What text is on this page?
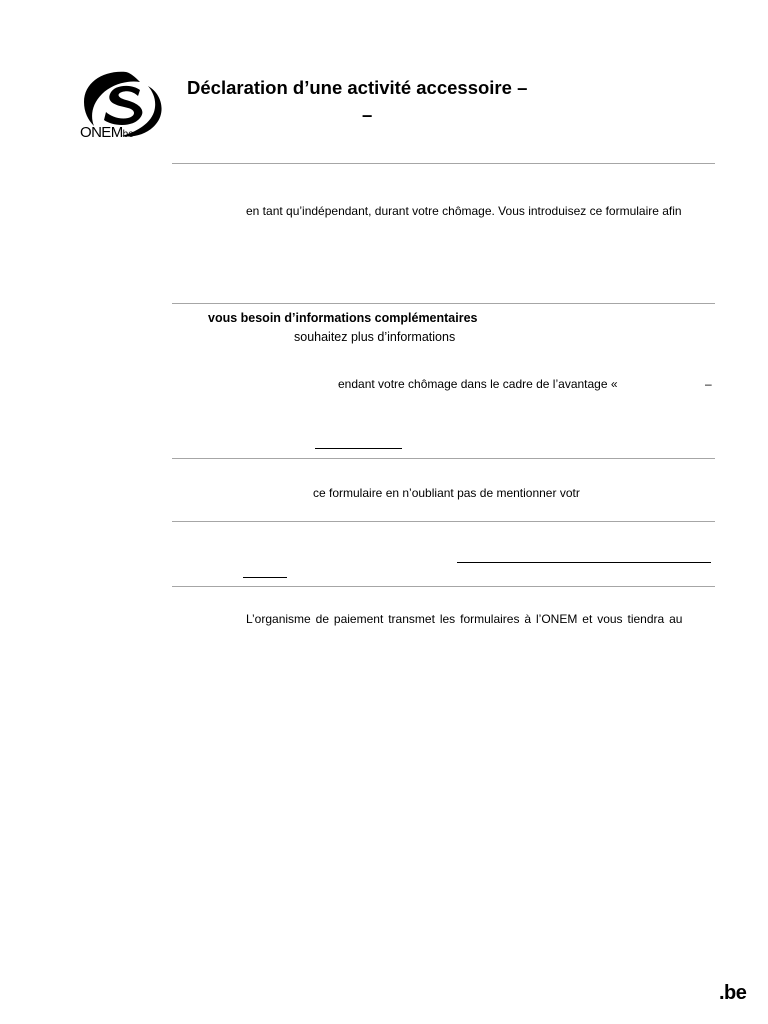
ONEMbe
Déclaration d’une activité accessoire –
–
en tant qu’indépendant, durant votre chômage. Vous introduisez ce formulaire afin
vous besoin d’informations complémentaires
souhaitez plus d’informations
endant votre chômage dans le cadre de l’avantage «	–
ce formulaire en n’oubliant pas de mentionner votr
L’organisme de paiement transmet les formulaires à l’ONEM et vous tiendra au
.be
